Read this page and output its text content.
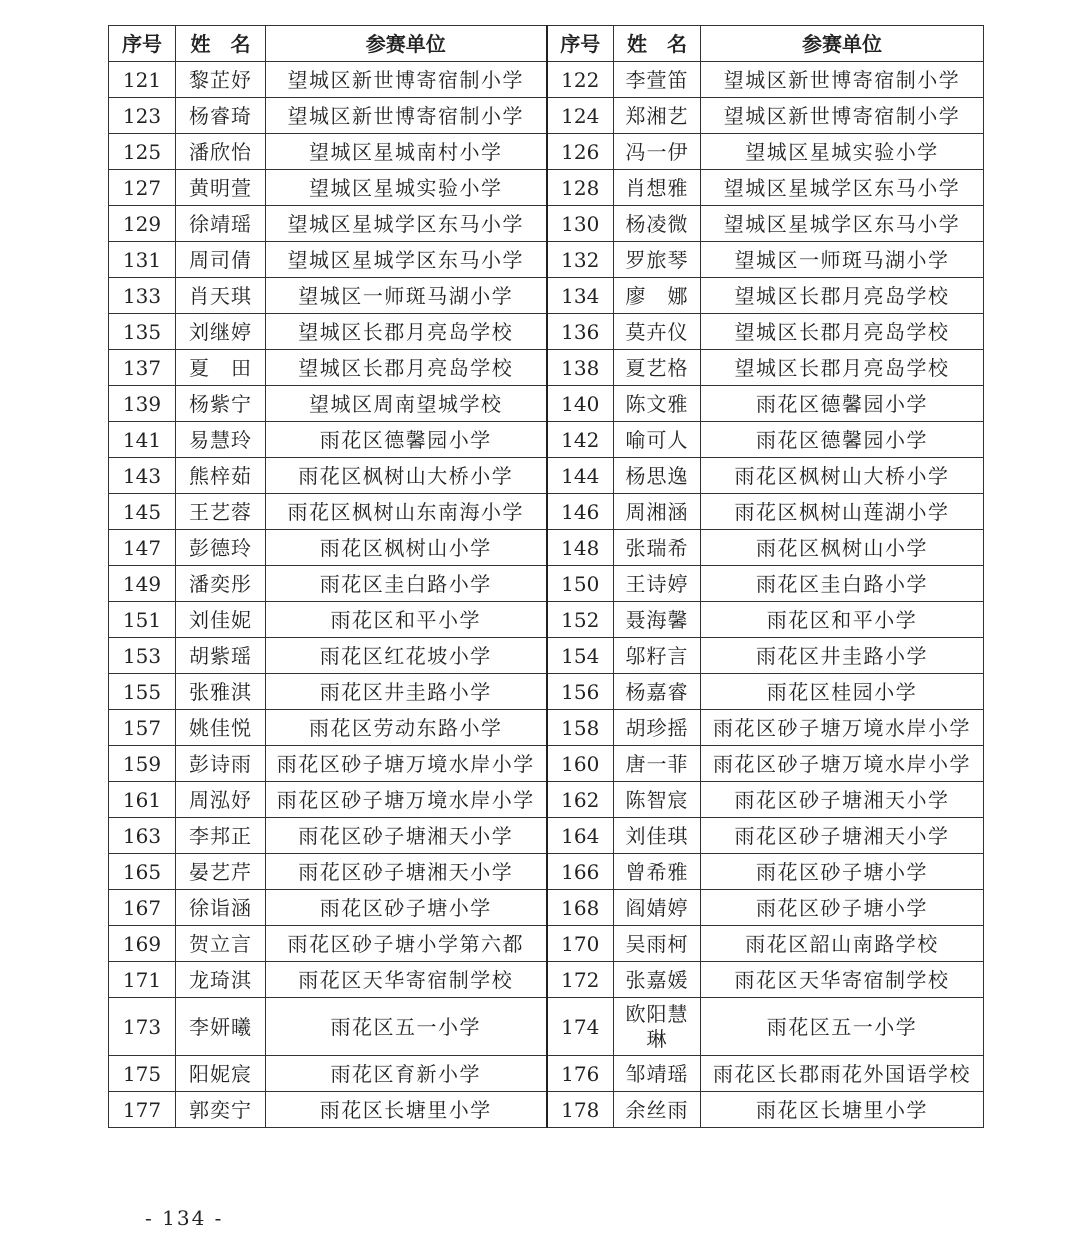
序号	姓　名	参赛单位	序号	姓　名	参赛单位
121	黎芷妤	望城区新世博寄宿制小学	122	李萱笛	望城区新世博寄宿制小学
123	杨睿琦	望城区新世博寄宿制小学	124	郑湘艺	望城区新世博寄宿制小学
125	潘欣怡	望城区星城南村小学	126	冯一伊	望城区星城实验小学
127	黄明萱	望城区星城实验小学	128	肖想雅	望城区星城学区东马小学
129	徐靖瑶	望城区星城学区东马小学	130	杨凌微	望城区星城学区东马小学
131	周司倩	望城区星城学区东马小学	132	罗旅琴	望城区一师斑马湖小学
133	肖天琪	望城区一师斑马湖小学	134	廖　娜	望城区长郡月亮岛学校
135	刘继婷	望城区长郡月亮岛学校	136	莫卉仪	望城区长郡月亮岛学校
137	夏　田	望城区长郡月亮岛学校	138	夏艺格	望城区长郡月亮岛学校
139	杨紫宁	望城区周南望城学校	140	陈文雅	雨花区德馨园小学
141	易慧玲	雨花区德馨园小学	142	喻可人	雨花区德馨园小学
143	熊梓茹	雨花区枫树山大桥小学	144	杨思逸	雨花区枫树山大桥小学
145	王艺蓉	雨花区枫树山东南海小学	146	周湘涵	雨花区枫树山莲湖小学
147	彭德玲	雨花区枫树山小学	148	张瑞希	雨花区枫树山小学
149	潘奕彤	雨花区圭白路小学	150	王诗婷	雨花区圭白路小学
151	刘佳妮	雨花区和平小学	152	聂海馨	雨花区和平小学
153	胡紫瑶	雨花区红花坡小学	154	邬籽言	雨花区井圭路小学
155	张雅淇	雨花区井圭路小学	156	杨嘉睿	雨花区桂园小学
157	姚佳悦	雨花区劳动东路小学	158	胡珍摇	雨花区砂子塘万境水岸小学
159	彭诗雨	雨花区砂子塘万境水岸小学	160	唐一菲	雨花区砂子塘万境水岸小学
161	周泓妤	雨花区砂子塘万境水岸小学	162	陈智宸	雨花区砂子塘湘天小学
163	李邦正	雨花区砂子塘湘天小学	164	刘佳琪	雨花区砂子塘湘天小学
165	晏艺芹	雨花区砂子塘湘天小学	166	曾希雅	雨花区砂子塘小学
167	徐诣涵	雨花区砂子塘小学	168	阎婧婷	雨花区砂子塘小学
169	贺立言	雨花区砂子塘小学第六都	170	吴雨柯	雨花区韶山南路学校
171	龙琦淇	雨花区天华寄宿制学校	172	张嘉媛	雨花区天华寄宿制学校
173	李妍曦	雨花区五一小学	174	欧阳慧琳	雨花区五一小学
175	阳妮宸	雨花区育新小学	176	邹靖瑶	雨花区长郡雨花外国语学校
177	郭奕宁	雨花区长塘里小学	178	余丝雨	雨花区长塘里小学
- 134 -
